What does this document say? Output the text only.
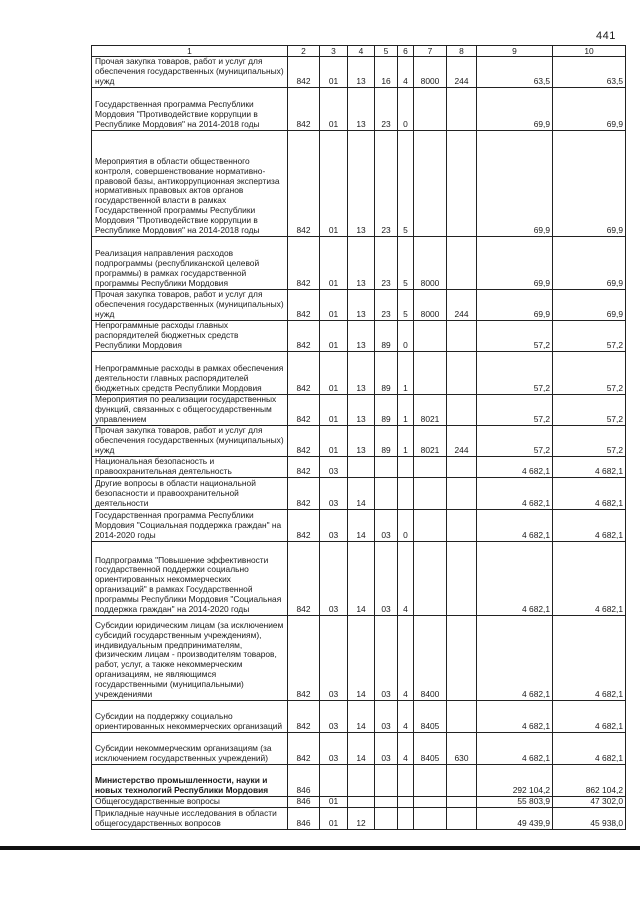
441
1	2	3	4	5	6	7	8	9	10
Прочая закупка товаров, работ и услуг для обеспечения государственных (муниципальных) нужд	842	01	13	16	4	8000	244	63,5	63,5
Государственная программа Республики Мордовия "Противодействие коррупции в Республике Мордовия" на 2014-2018 годы	842	01	13	23	0			69,9	69,9
Мероприятия в области общественного контроля, совершенствование нормативно-правовой базы, антикоррупционная экспертиза нормативных правовых актов органов государственной власти в рамках Государственной программы Республики Мордовия "Противодействие коррупции в Республике Мордовия" на 2014-2018 годы	842	01	13	23	5			69,9	69,9
Реализация направления расходов подпрограммы (республиканской целевой программы) в рамках государственной программы Республики Мордовия	842	01	13	23	5	8000		69,9	69,9
Прочая закупка товаров, работ и услуг для обеспечения государственных (муниципальных) нужд	842	01	13	23	5	8000	244	69,9	69,9
Непрограммные расходы главных распорядителей бюджетных средств Республики Мордовия	842	01	13	89	0			57,2	57,2
Непрограммные расходы в рамках обеспечения деятельности главных распорядителей бюджетных средств Республики Мордовия	842	01	13	89	1			57,2	57,2
Мероприятия по реализации государственных функций, связанных с общегосударственным управлением	842	01	13	89	1	8021		57,2	57,2
Прочая закупка товаров, работ и услуг для обеспечения государственных (муниципальных) нужд	842	01	13	89	1	8021	244	57,2	57,2
Национальная безопасность и правоохранительная деятельность	842	03						4 682,1	4 682,1
Другие вопросы в области национальной безопасности и правоохранительной деятельности	842	03	14					4 682,1	4 682,1
Государственная программа Республики Мордовия "Социальная поддержка граждан" на 2014-2020 годы	842	03	14	03	0			4 682,1	4 682,1
Подпрограмма "Повышение эффективности государственной поддержки социально ориентированных некоммерческих организаций" в рамках Государственной программы Республики Мордовия "Социальная поддержка граждан" на 2014-2020 годы	842	03	14	03	4			4 682,1	4 682,1
Субсидии юридическим лицам (за исключением субсидий государственным учреждениям), индивидуальным предпринимателям, физическим лицам - производителям товаров, работ, услуг, а также некоммерческим организациям, не являющимся государственными (муниципальными) учреждениями	842	03	14	03	4	8400		4 682,1	4 682,1
Субсидии на поддержку социально ориентированных некоммерческих организаций	842	03	14	03	4	8405		4 682,1	4 682,1
Субсидии некоммерческим организациям (за исключением государственных учреждений)	842	03	14	03	4	8405	630	4 682,1	4 682,1
Министерство промышленности, науки и новых технологий Республики Мордовия	846							292 104,2	862 104,2
Общегосударственные вопросы	846	01						55 803,9	47 302,0
Прикладные научные исследования в области общегосударственных вопросов	846	01	12					49 439,9	45 938,0
